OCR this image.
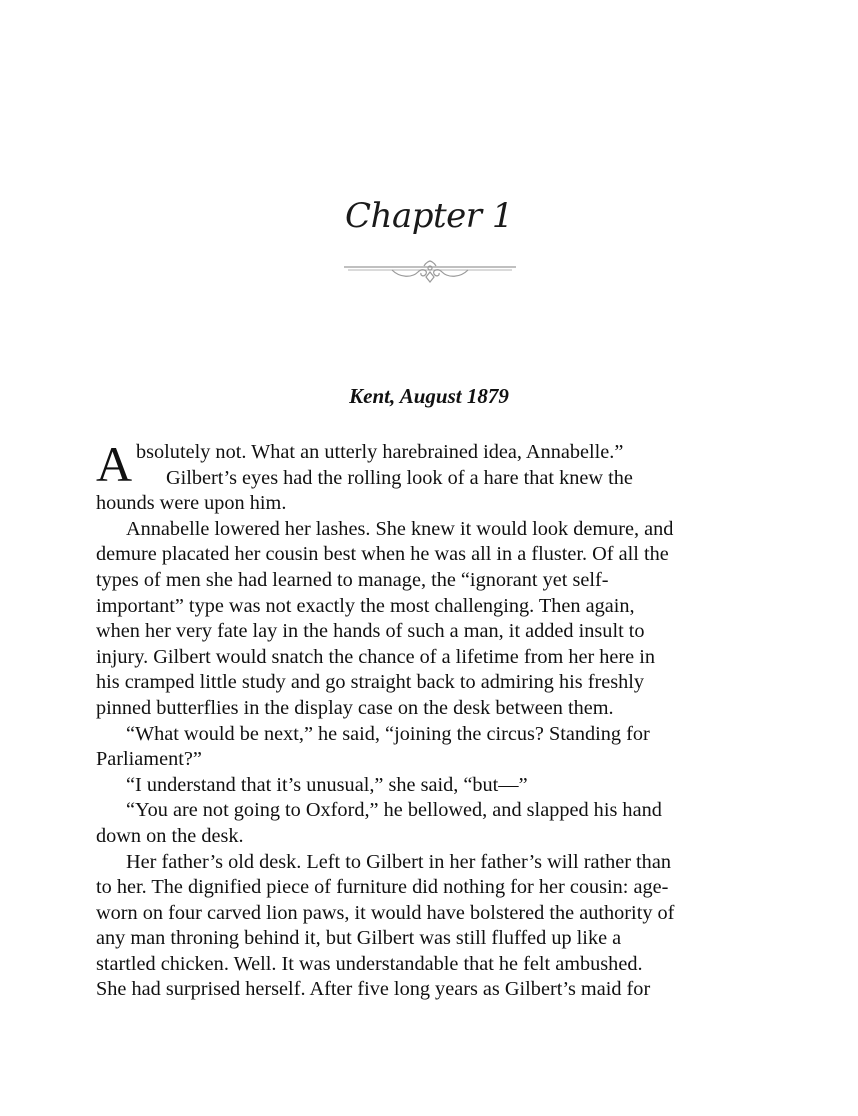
Chapter 1
Kent, August 1879
A bsolutely not. What an utterly harebrained idea, Annabelle.”
Gilbert’s eyes had the rolling look of a hare that knew the
hounds were upon him.
Annabelle lowered her lashes. She knew it would look demure, and
demure placated her cousin best when he was all in a fluster. Of all the
types of men she had learned to manage, the “ignorant yet self-
important” type was not exactly the most challenging. Then again,
when her very fate lay in the hands of such a man, it added insult to
injury. Gilbert would snatch the chance of a lifetime from her here in
his cramped little study and go straight back to admiring his freshly
pinned butterflies in the display case on the desk between them.
“What would be next,” he said, “joining the circus? Standing for
Parliament?”
“I understand that it’s unusual,” she said, “but—”
“You are not going to Oxford,” he bellowed, and slapped his hand
down on the desk.
Her father’s old desk. Left to Gilbert in her father’s will rather than
to her. The dignified piece of furniture did nothing for her cousin: age-
worn on four carved lion paws, it would have bolstered the authority of
any man throning behind it, but Gilbert was still fluffed up like a
startled chicken. Well. It was understandable that he felt ambushed.
She had surprised herself. After five long years as Gilbert’s maid for
